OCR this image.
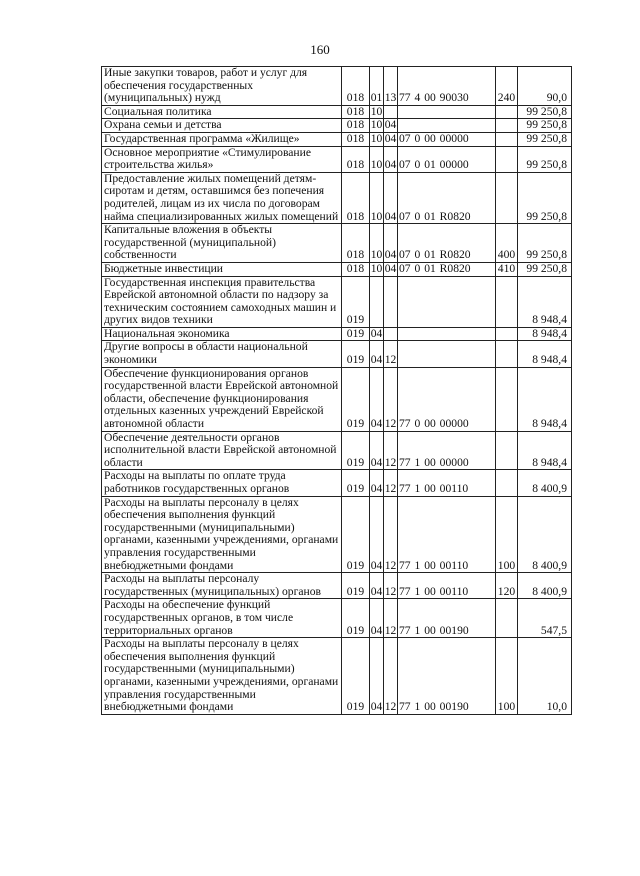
160
Иные закупки товаров, работ и услуг для обеспечения государственных (муниципальных) нужд	018	01	13	77 4 00 90030	240	90,0
Социальная политика	018	10				99 250,8
Охрана семьи и детства	018	10	04			99 250,8
Государственная программа «Жилище»	018	10	04	07 0 00 00000		99 250,8
Основное мероприятие «Стимулирование строительства жилья»	018	10	04	07 0 01 00000		99 250,8
Предоставление жилых помещений детям-сиротам и детям, оставшимся без попечения родителей, лицам из их числа по договорам найма специализированных жилых помещений	018	10	04	07 0 01 R0820		99 250,8
Капитальные вложения в объекты государственной (муниципальной) собственности	018	10	04	07 0 01 R0820	400	99 250,8
Бюджетные инвестиции	018	10	04	07 0 01 R0820	410	99 250,8
Государственная инспекция правительства Еврейской автономной области по надзору за техническим состоянием самоходных машин и других видов техники	019					8 948,4
Национальная экономика	019	04				8 948,4
Другие вопросы в области национальной экономики	019	04	12			8 948,4
Обеспечение функционирования органов государственной власти Еврейской автономной области, обеспечение функционирования отдельных казенных учреждений Еврейской автономной области	019	04	12	77 0 00 00000		8 948,4
Обеспечение деятельности органов исполнительной власти Еврейской автономной области	019	04	12	77 1 00 00000		8 948,4
Расходы на выплаты по оплате труда работников государственных органов	019	04	12	77 1 00 00110		8 400,9
Расходы на выплаты персоналу в целях обеспечения выполнения функций государственными (муниципальными) органами, казенными учреждениями, органами управления государственными внебюджетными фондами	019	04	12	77 1 00 00110	100	8 400,9
Расходы на выплаты персоналу государственных (муниципальных) органов	019	04	12	77 1 00 00110	120	8 400,9
Расходы на обеспечение функций государственных органов, в том числе территориальных органов	019	04	12	77 1 00 00190		547,5
Расходы на выплаты персоналу в целях обеспечения выполнения функций государственными (муниципальными) органами, казенными учреждениями, органами управления государственными внебюджетными фондами	019	04	12	77 1 00 00190	100	10,0
